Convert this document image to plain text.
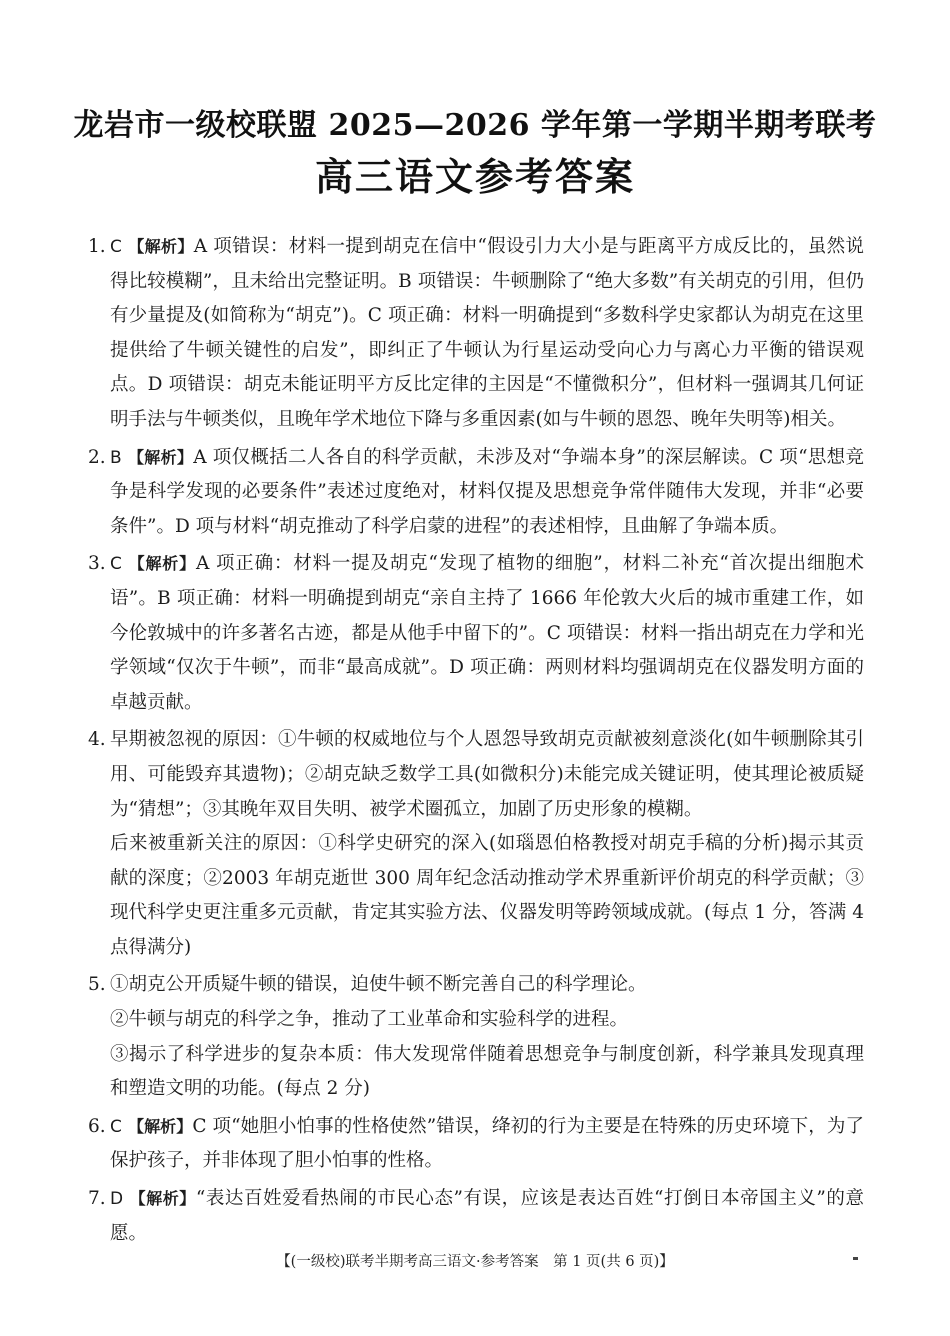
龙岩市一级校联盟 2025—2026 学年第一学期半期考联考
高三语文参考答案
1. C 【解析】A 项错误：材料一提到胡克在信中“假设引力大小是与距离平方成反比的，虽然说得比较模糊”，且未给出完整证明。B 项错误：牛顿删除了“绝大多数”有关胡克的引用，但仍有少量提及(如简称为“胡克”)。C 项正确：材料一明确提到“多数科学史家都认为胡克在这里提供给了牛顿关键性的启发”，即纠正了牛顿认为行星运动受向心力与离心力平衡的错误观点。D 项错误：胡克未能证明平方反比定律的主因是“不懂微积分”，但材料一强调其几何证明手法与牛顿类似，且晚年学术地位下降与多重因素(如与牛顿的恩怨、晚年失明等)相关。
2. B 【解析】A 项仅概括二人各自的科学贡献，未涉及对“争端本身”的深层解读。C 项“思想竞争是科学发现的必要条件”表述过度绝对，材料仅提及思想竞争常伴随伟大发现，并非“必要条件”。D 项与材料“胡克推动了科学启蒙的进程”的表述相悖，且曲解了争端本质。
3. C 【解析】A 项正确：材料一提及胡克“发现了植物的细胞”，材料二补充“首次提出细胞术语”。B 项正确：材料一明确提到胡克“亲自主持了 1666 年伦敦大火后的城市重建工作，如今伦敦城中的许多著名古迹，都是从他手中留下的”。C 项错误：材料一指出胡克在力学和光学领域“仅次于牛顿”，而非“最高成就”。D 项正确：两则材料均强调胡克在仪器发明方面的卓越贡献。
4. 早期被忽视的原因：①牛顿的权威地位与个人恩怨导致胡克贡献被刻意淡化(如牛顿删除其引用、可能毁弃其遗物)；②胡克缺乏数学工具(如微积分)未能完成关键证明，使其理论被质疑为“猜想”；③其晚年双目失明、被学术圈孤立，加剧了历史形象的模糊。
后来被重新关注的原因：①科学史研究的深入(如瑙恩伯格教授对胡克手稿的分析)揭示其贡献的深度；②2003 年胡克逝世 300 周年纪念活动推动学术界重新评价胡克的科学贡献；③现代科学史更注重多元贡献，肯定其实验方法、仪器发明等跨领域成就。(每点 1 分，答满 4 点得满分)
5. ①胡克公开质疑牛顿的错误，迫使牛顿不断完善自己的科学理论。
②牛顿与胡克的科学之争，推动了工业革命和实验科学的进程。
③揭示了科学进步的复杂本质：伟大发现常伴随着思想竞争与制度创新，科学兼具发现真理和塑造文明的功能。(每点 2 分)
6. C 【解析】C 项“她胆小怕事的性格使然”错误，绛初的行为主要是在特殊的历史环境下，为了保护孩子，并非体现了胆小怕事的性格。
7. D 【解析】“表达百姓爱看热闹的市民心态”有误，应该是表达百姓“打倒日本帝国主义”的意愿。
【(一级校)联考半期考高三语文·参考答案　第 1 页(共 6 页)】
